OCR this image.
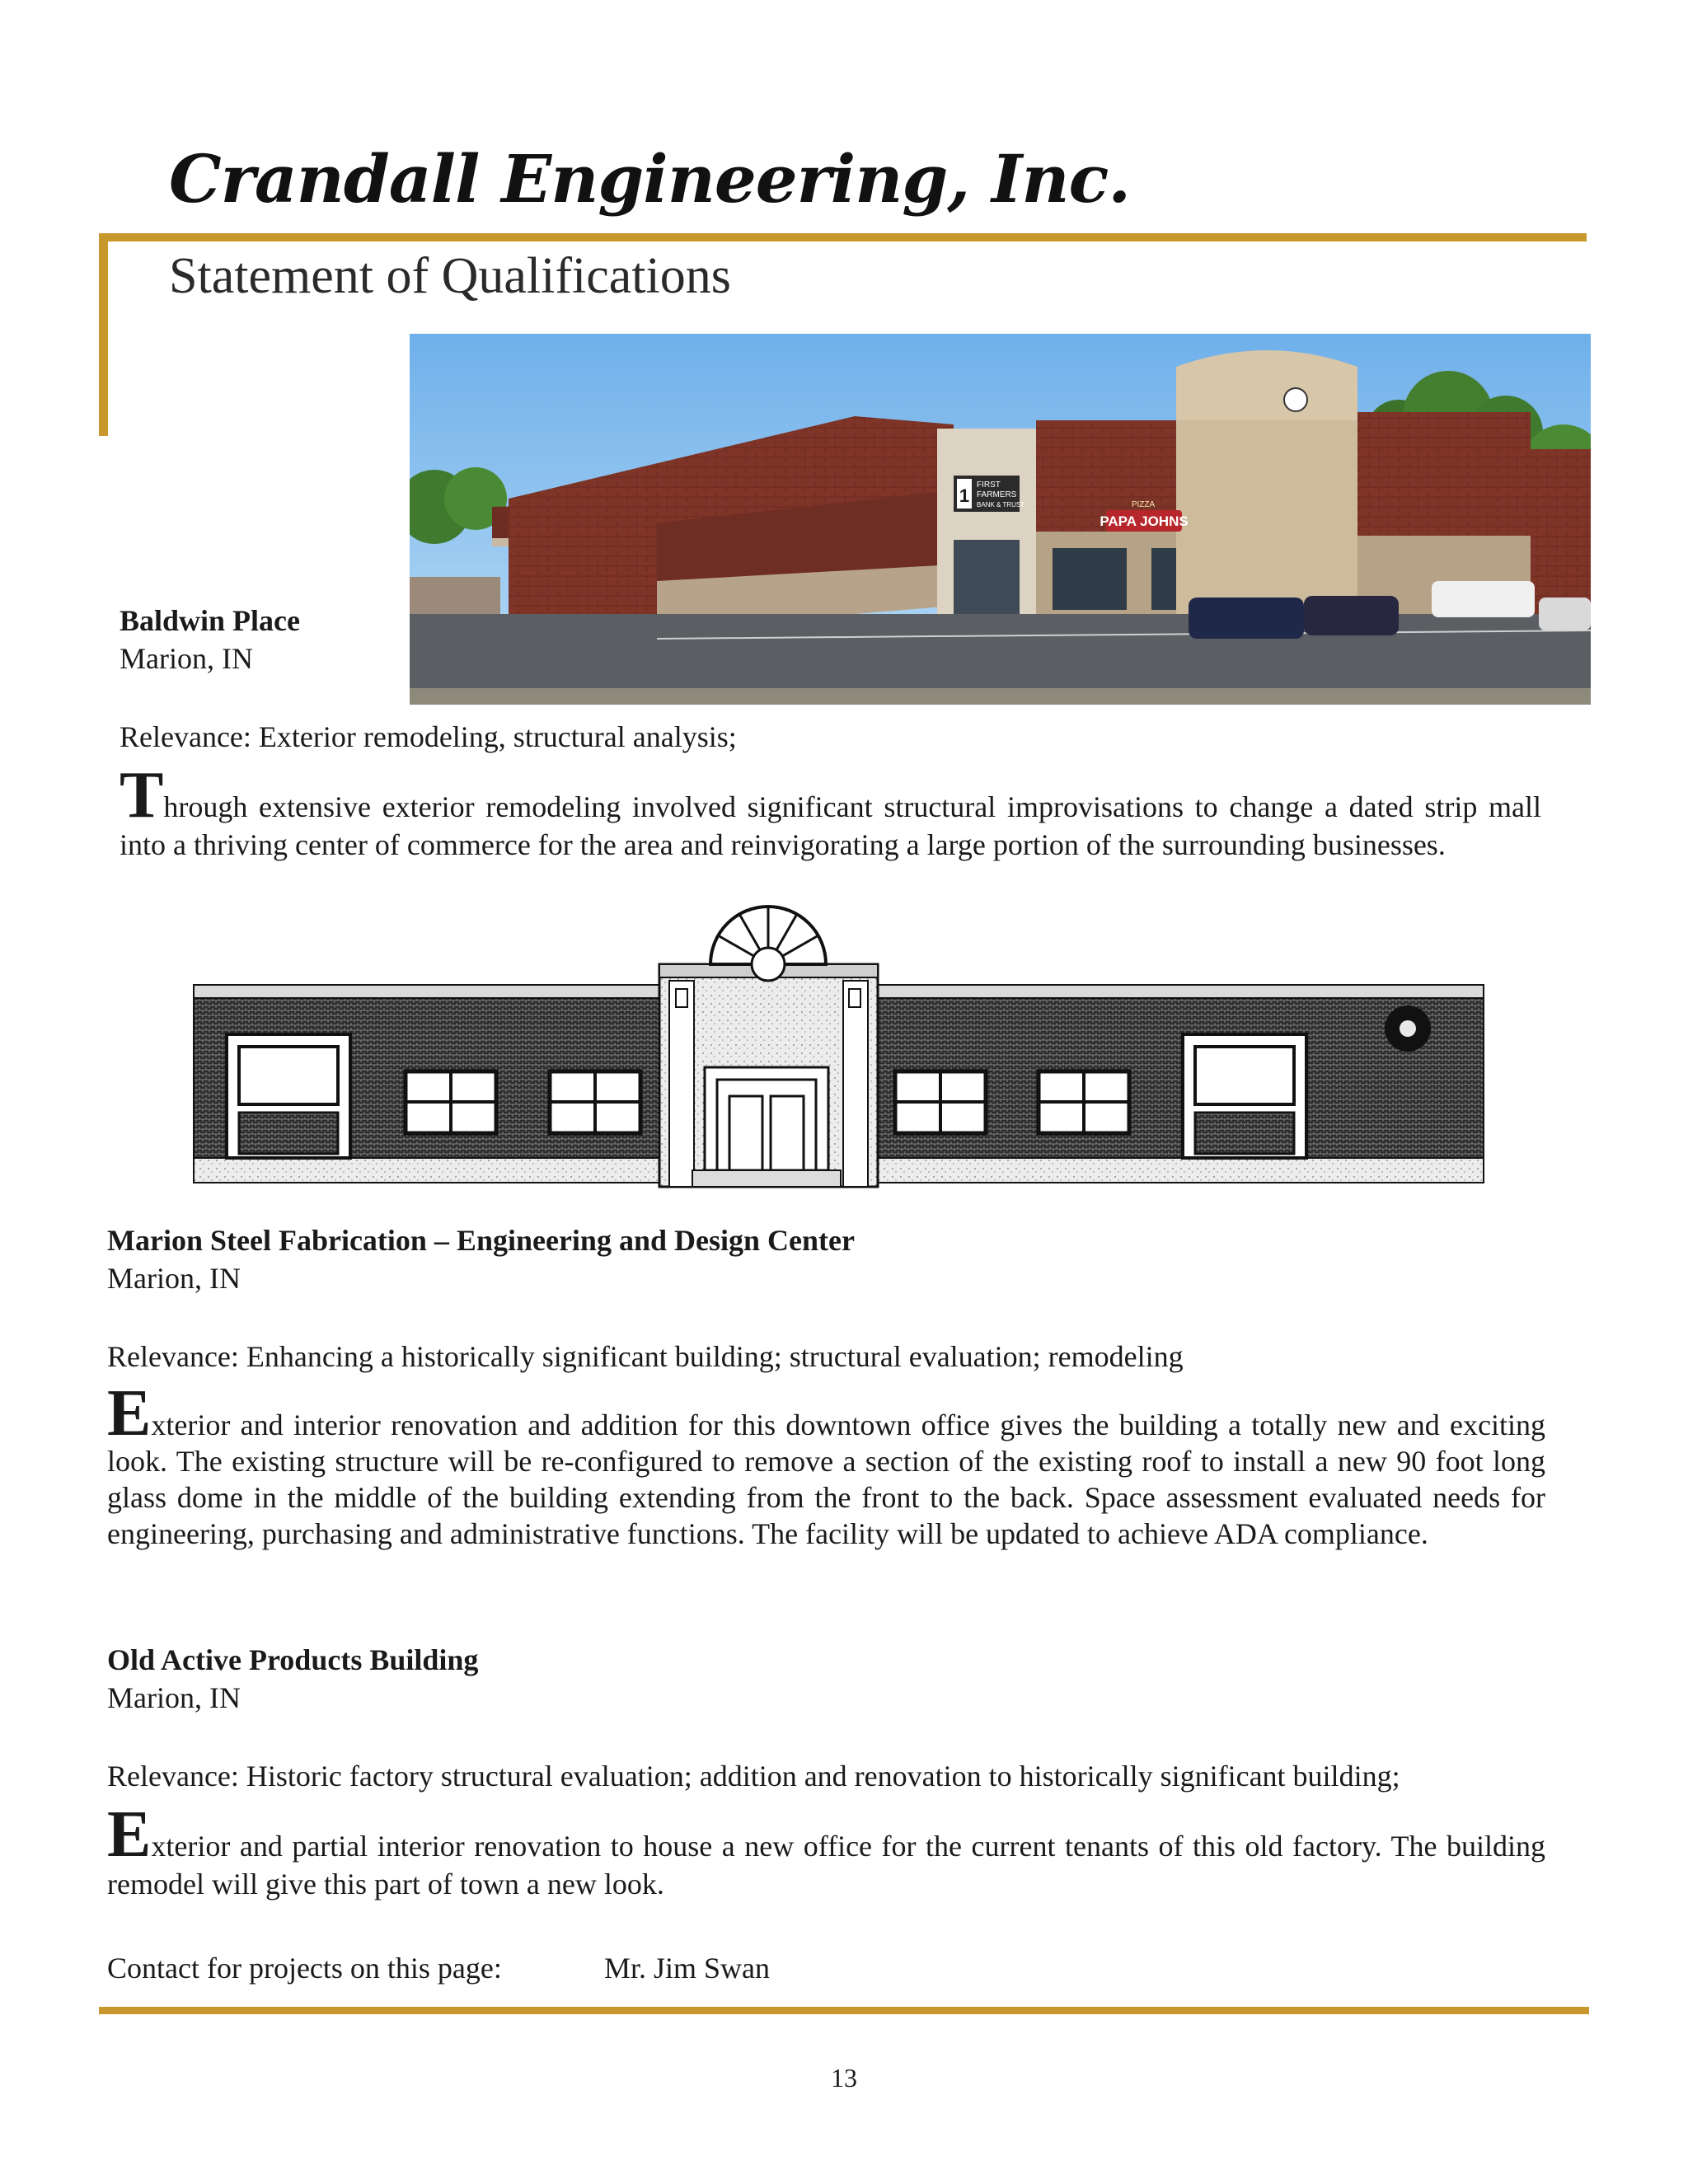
Crandall Engineering, Inc.
Statement of Qualifications
1
FIRST
FARMERS
BANK & TRUST	PIZZA
PAPA JOHNS
Baldwin Place
Marion, IN
Relevance: Exterior remodeling, structural analysis;
Through extensive exterior remodeling involved significant structural improvisations to change a dated strip mall into a thriving center of commerce for the area and reinvigorating a large portion of the surrounding businesses.
Marion Steel Fabrication – Engineering and Design Center
Marion, IN
Relevance: Enhancing a historically significant building; structural evaluation; remodeling
Exterior and interior renovation and addition for this downtown office gives the building a totally new and exciting look. The existing structure will be re-configured to remove a section of the existing roof to install a new 90 foot long glass dome in the middle of the building extending from the front to the back. Space assessment evaluated needs for engineering, purchasing and administrative functions. The facility will be updated to achieve ADA compliance.
Old Active Products Building
Marion, IN
Relevance: Historic factory structural evaluation; addition and renovation to historically significant building;
Exterior and partial interior renovation to house a new office for the current tenants of this old factory. The building remodel will give this part of town a new look.
Contact for projects on this page:	Mr. Jim Swan
13
